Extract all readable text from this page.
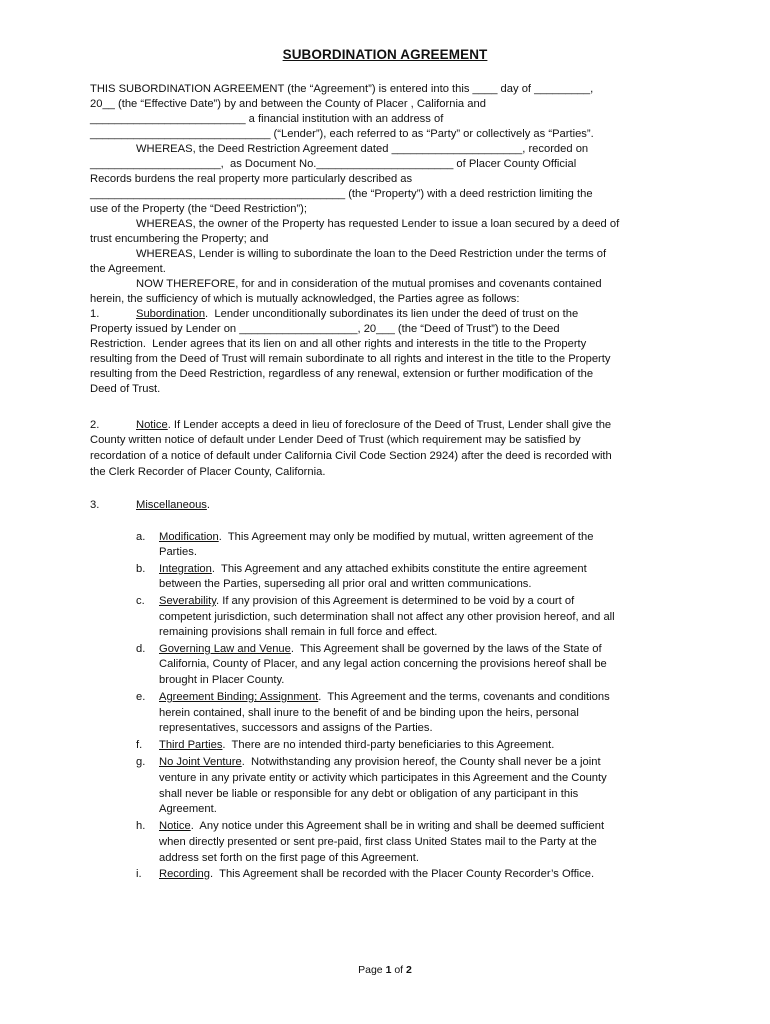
SUBORDINATION AGREEMENT
THIS SUBORDINATION AGREEMENT (the “Agreement”) is entered into this ____ day of _________,
20__ (the “Effective Date”) by and between the County of Placer , California and
_________________________ a financial institution with an address of
_____________________________ (“Lender”), each referred to as “Party” or collectively as “Parties”.
WHEREAS, the Deed Restriction Agreement dated _____________________, recorded on
_____________________,  as Document No.______________________ of Placer County Official
Records burdens the real property more particularly described as
_________________________________________ (the “Property”) with a deed restriction limiting the
use of the Property (the “Deed Restriction”);
WHEREAS, the owner of the Property has requested Lender to issue a loan secured by a deed of
trust encumbering the Property; and
WHEREAS, Lender is willing to subordinate the loan to the Deed Restriction under the terms of
the Agreement.
NOW THEREFORE, for and in consideration of the mutual promises and covenants contained
herein, the sufficiency of which is mutually acknowledged, the Parties agree as follows:
1.	Subordination.  Lender unconditionally subordinates its lien under the deed of trust on the
Property issued by Lender on ___________________, 20___ (the “Deed of Trust”) to the Deed
Restriction.  Lender agrees that its lien on and all other rights and interests in the title to the Property
resulting from the Deed of Trust will remain subordinate to all rights and interest in the title to the Property
resulting from the Deed Restriction, regardless of any renewal, extension or further modification of the
Deed of Trust.
2.	Notice. If Lender accepts a deed in lieu of foreclosure of the Deed of Trust, Lender shall give the
County written notice of default under Lender Deed of Trust (which requirement may be satisfied by
recordation of a notice of default under California Civil Code Section 2924) after the deed is recorded with
the Clerk Recorder of Placer County, California.
3.	Miscellaneous.
a. Modification.  This Agreement may only be modified by mutual, written agreement of the
Parties.
b. Integration.  This Agreement and any attached exhibits constitute the entire agreement
between the Parties, superseding all prior oral and written communications.
c. Severability. If any provision of this Agreement is determined to be void by a court of
competent jurisdiction, such determination shall not affect any other provision hereof, and all
remaining provisions shall remain in full force and effect.
d. Governing Law and Venue.  This Agreement shall be governed by the laws of the State of
California, County of Placer, and any legal action concerning the provisions hereof shall be
brought in Placer County.
e. Agreement Binding; Assignment.  This Agreement and the terms, covenants and conditions
herein contained, shall inure to the benefit of and be binding upon the heirs, personal
representatives, successors and assigns of the Parties.
f. Third Parties.  There are no intended third-party beneficiaries to this Agreement.
g. No Joint Venture.  Notwithstanding any provision hereof, the County shall never be a joint
venture in any private entity or activity which participates in this Agreement and the County
shall never be liable or responsible for any debt or obligation of any participant in this
Agreement.
h. Notice.  Any notice under this Agreement shall be in writing and shall be deemed sufficient
when directly presented or sent pre-paid, first class United States mail to the Party at the
address set forth on the first page of this Agreement.
i. Recording.  This Agreement shall be recorded with the Placer County Recorder’s Office.
Page 1 of 2
